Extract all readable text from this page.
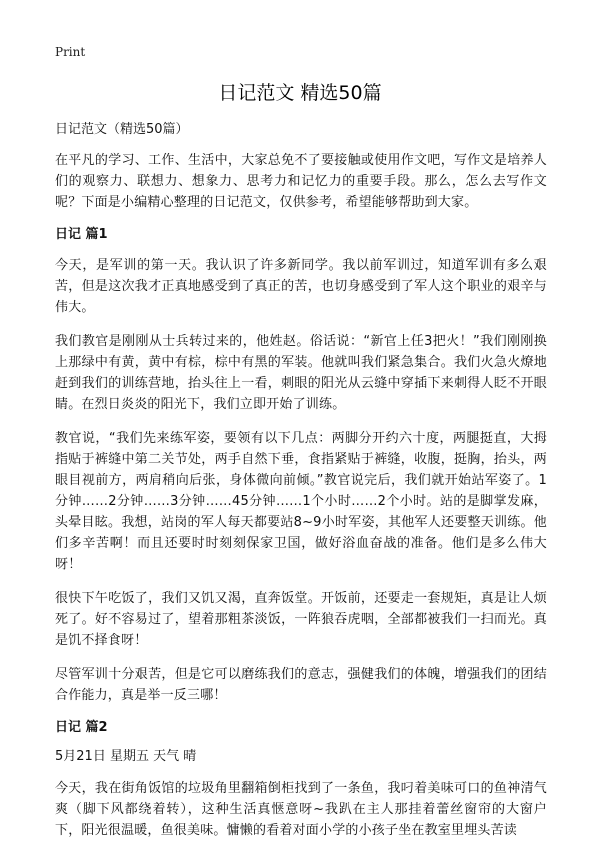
Print
日记范文 精选50篇

日记范文（精选50篇）

在平凡的学习、工作、生活中，大家总免不了要接触或使用作文吧，写作文是培养人们的观察力、联想力、想象力、思考力和记忆力的重要手段。那么，怎么去写作文呢？下面是小编精心整理的日记范文，仅供参考，希望能够帮助到大家。

日记 篇1

今天，是军训的第一天。我认识了许多新同学。我以前军训过，知道军训有多么艰苦，但是这次我才正真地感受到了真正的苦，也切身感受到了军人这个职业的艰辛与伟大。

我们教官是刚刚从士兵转过来的，他姓赵。俗话说：“新官上任3把火！”我们刚刚换上那绿中有黄，黄中有棕，棕中有黑的军装。他就叫我们紧急集合。我们火急火燎地赶到我们的训练营地，抬头往上一看，刺眼的阳光从云缝中穿插下来刺得人眨不开眼睛。在烈日炎炎的阳光下，我们立即开始了训练。

教官说，“我们先来练军姿，要领有以下几点：两脚分开约六十度，两腿挺直，大拇指贴于裤缝中第二关节处，两手自然下垂，食指紧贴于裤缝，收腹，挺胸，抬头，两眼目视前方，两肩稍向后张，身体微向前倾。”教官说完后，我们就开始站军姿了。1分钟……2分钟……3分钟……45分钟……1个小时……2个小时。站的是脚掌发麻，头晕目眩。我想，站岗的军人每天都要站8~9小时军姿，其他军人还要整天训练。他们多辛苦啊！而且还要时时刻刻保家卫国，做好浴血奋战的准备。他们是多么伟大呀！

很快下午吃饭了，我们又饥又渴，直奔饭堂。开饭前，还要走一套规矩，真是让人烦死了。好不容易过了，望着那粗茶淡饭，一阵狼吞虎咽，全部都被我们一扫而光。真是饥不择食呀！

尽管军训十分艰苦，但是它可以磨练我们的意志，强健我们的体魄，增强我们的团结合作能力，真是举一反三哪！

日记 篇2

5月21日 星期五 天气 晴

今天，我在街角饭馆的垃圾角里翻箱倒柜找到了一条鱼，我叼着美味可口的鱼神清气爽（脚下风都绕着转），这种生活真惬意呀~我趴在主人那挂着蕾丝窗帘的大窗户下，阳光很温暖，鱼很美味。慵懒的看着对面小学的小孩子坐在教室里埋头苦读
